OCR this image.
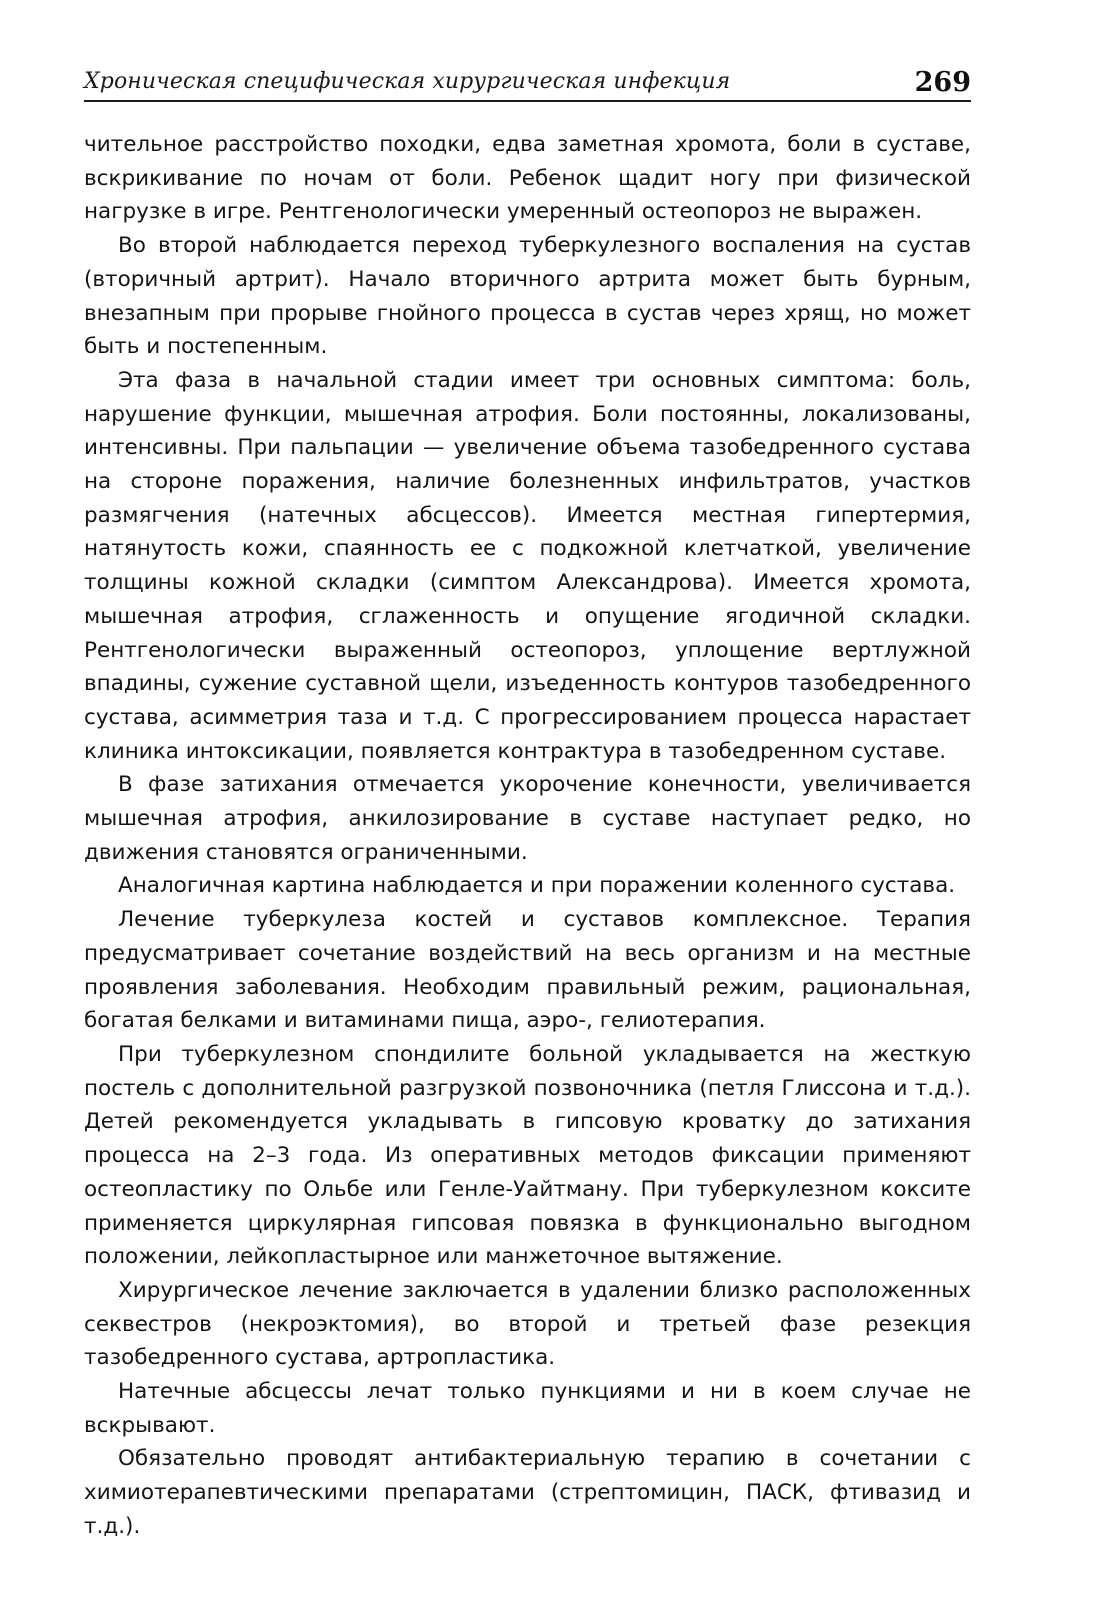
Хроническая специфическая хирургическая инфекция	269

чительное расстройство походки, едва заметная хромота, боли в суставе, вскрикивание по ночам от боли. Ребенок щадит ногу при физической нагрузке в игре. Рентгенологически умеренный остеопороз не выражен.

Во второй наблюдается переход туберкулезного воспаления на сустав (вторичный артрит). Начало вторичного артрита может быть бурным, внезапным при прорыве гнойного процесса в сустав через хрящ, но может быть и постепенным.

Эта фаза в начальной стадии имеет три основных симптома: боль, нарушение функции, мышечная атрофия. Боли постоянны, локализованы, интенсивны. При пальпации — увеличение объема тазобедренного сустава на стороне поражения, наличие болезненных инфильтратов, участков размягчения (натечных абсцессов). Имеется местная гипертермия, натянутость кожи, спаянность ее с подкожной клетчаткой, увеличение толщины кожной складки (симптом Александрова). Имеется хромота, мышечная атрофия, сглаженность и опущение ягодичной складки. Рентгенологически выраженный остеопороз, уплощение вертлужной впадины, сужение суставной щели, изъеденность контуров тазобедренного сустава, асимметрия таза и т.д. С прогрессированием процесса нарастает клиника интоксикации, появляется контрактура в тазобедренном суставе.

В фазе затихания отмечается укорочение конечности, увеличивается мышечная атрофия, анкилозирование в суставе наступает редко, но движения становятся ограниченными.

Аналогичная картина наблюдается и при поражении коленного сустава.

Лечение туберкулеза костей и суставов комплексное. Терапия предусматривает сочетание воздействий на весь организм и на местные проявления заболевания. Необходим правильный режим, рациональная, богатая белками и витаминами пища, аэро-, гелиотерапия.

При туберкулезном спондилите больной укладывается на жесткую постель с дополнительной разгрузкой позвоночника (петля Глиссона и т.д.). Детей рекомендуется укладывать в гипсовую кроватку до затихания процесса на 2–3 года. Из оперативных методов фиксации применяют остеопластику по Ольбе или Генле-Уайтману. При туберкулезном коксите применяется циркулярная гипсовая повязка в функционально выгодном положении, лейкопластырное или манжеточное вытяжение.

Хирургическое лечение заключается в удалении близко расположенных секвестров (некроэктомия), во второй и третьей фазе резекция тазобедренного сустава, артропластика.

Натечные абсцессы лечат только пункциями и ни в коем случае не вскрывают.

Обязательно проводят антибактериальную терапию в сочетании с химиотерапевтическими препаратами (стрептомицин, ПАСК, фтивазид и т.д.).
